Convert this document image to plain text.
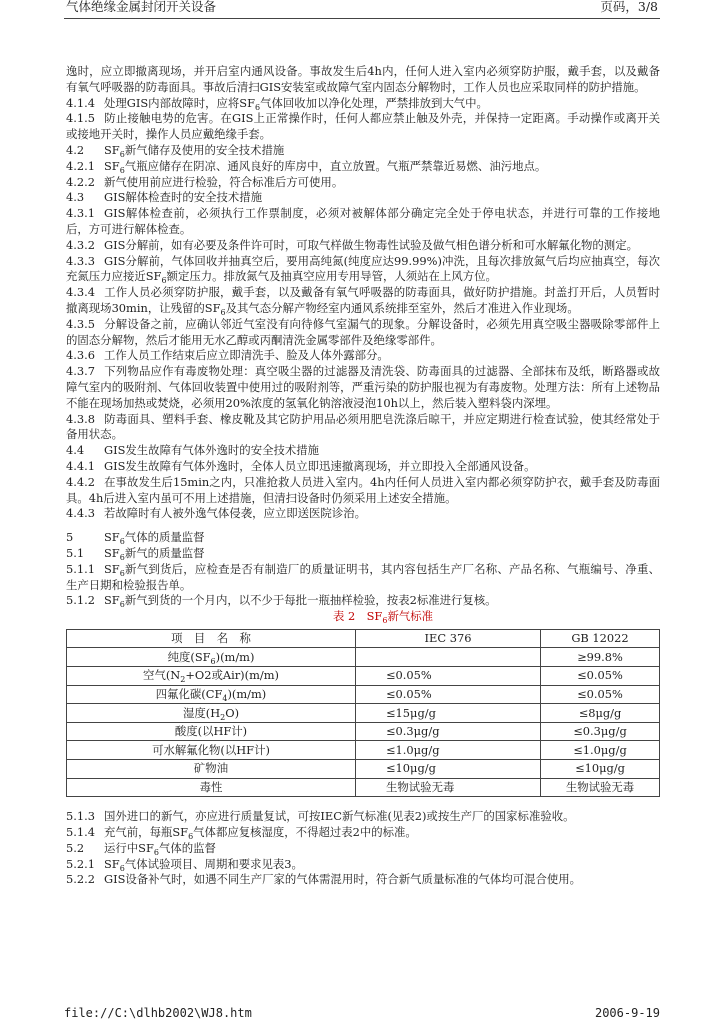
气体绝缘金属封闭开关设备	页码，3/8

逸时，应立即撤离现场，并开启室内通风设备。事故发生后4h内，任何人进入室内必须穿防护服，戴手套，以及戴备有氧气呼吸器的防毒面具。事故后清扫GIS安装室或故障气室内固态分解物时，工作人员也应采取同样的防护措施。

4.1.4 处理GIS内部故障时，应将$SF_6$气体回收加以净化处理，严禁排放到大气中。

4.1.5 防止接触电势的危害。在GIS上正常操作时，任何人都应禁止触及外壳，并保持一定距离。手动操作或离开关或接地开关时，操作人员应戴绝缘手套。

4.2 $SF_6$新气储存及使用的安全技术措施

4.2.1 $SF_6$气瓶应储存在阴凉、通风良好的库房中，直立放置。气瓶严禁靠近易燃、油污地点。

4.2.2 新气使用前应进行检验，符合标准后方可使用。

4.3 GIS解体检查时的安全技术措施

4.3.1 GIS解体检查前，必须执行工作票制度，必须对被解体部分确定完全处于停电状态，并进行可靠的工作接地后，方可进行解体检查。

4.3.2 GIS分解前，如有必要及条件许可时，可取气样做生物毒性试验及做气相色谱分析和可水解氟化物的测定。

4.3.3 GIS分解前，气体回收并抽真空后，要用高纯氮(纯度应达99.99%)冲洗，且每次排放氮气后均应抽真空，每次充氮压力应接近$SF_6$额定压力。排放氮气及抽真空应用专用导管，人须站在上风方位。

4.3.4 工作人员必须穿防护服，戴手套，以及戴备有氧气呼吸器的防毒面具，做好防护措施。封盖打开后，人员暂时撤离现场30min，让残留的$SF_6$及其气态分解产物经室内通风系统排至室外，然后才准进入作业现场。

4.3.5 分解设备之前，应确认邻近气室没有向待修气室漏气的现象。分解设备时，必须先用真空吸尘器吸除零部件上的固态分解物，然后才能用无水乙醇或丙酮清洗金属零部件及绝缘零部件。

4.3.6 工作人员工作结束后应立即清洗手、脸及人体外露部分。

4.3.7 下列物品应作有毒废物处理：真空吸尘器的过滤器及清洗袋、防毒面具的过滤器、全部抹布及纸，断路器或故障气室内的吸附剂、气体回收装置中使用过的吸附剂等，严重污染的防护服也视为有毒废物。处理方法：所有上述物品不能在现场加热或焚烧，必须用20%浓度的氢氧化钠溶液浸泡10h以上，然后装入塑料袋内深埋。

4.3.8 防毒面具、塑料手套、橡皮靴及其它防护用品必须用肥皂洗涤后晾干，并应定期进行检查试验，使其经常处于备用状态。

4.4 GIS发生故障有气体外逸时的安全技术措施

4.4.1 GIS发生故障有气体外逸时，全体人员立即迅速撤离现场，并立即投入全部通风设备。

4.4.2 在事故发生后15min之内，只准抢救人员进入室内。4h内任何人员进入室内都必须穿防护衣，戴手套及防毒面具。4h后进入室内虽可不用上述措施，但清扫设备时仍须采用上述安全措施。

4.4.3 若故障时有人被外逸气体侵袭，应立即送医院诊治。

5	$SF_6$气体的质量监督

5.1 $SF_6$新气的质量监督

5.1.1 $SF_6$新气到货后，应检查是否有制造厂的质量证明书，其内容包括生产厂名称、产品名称、气瓶编号、净重、生产日期和检验报告单。

5.1.2 $SF_6$新气到货的一个月内，以不少于每批一瓶抽样检验，按表2标准进行复核。

表 2　$SF_6$新气标准

项　目　名　称	IEC 376	GB 12022
纯度$(SF_6)(m/m)$		≥99.8%
空气($N_2+O2$或Air)(m/m)	≤0.05%	≤0.05%
四氟化碳$(CF_4)(m/m)$	≤0.05%	≤0.05%
湿度$(H_2O)$	≤15μg/g	≤8μg/g
酸度(以HF计)	≤0.3μg/g	≤0.3μg/g
可水解氟化物(以HF计)	≤1.0μg/g	≤1.0μg/g
矿物油	≤10μg/g	≤10μg/g
毒性	生物试验无毒	生物试验无毒

5.1.3 国外进口的新气，亦应进行质量复试，可按IEC新气标准(见表2)或按生产厂的国家标准验收。

5.1.4 充气前，每瓶$SF_6$气体都应复核湿度，不得超过表2中的标准。

5.2 运行中$SF_6$气体的监督

5.2.1 $SF_6$气体试验项目、周期和要求见表3。

5.2.2 GIS设备补气时，如遇不同生产厂家的气体需混用时，符合新气质量标准的气体均可混合使用。

file://C:\dlhb2002\WJ8.htm	2006-9-19
